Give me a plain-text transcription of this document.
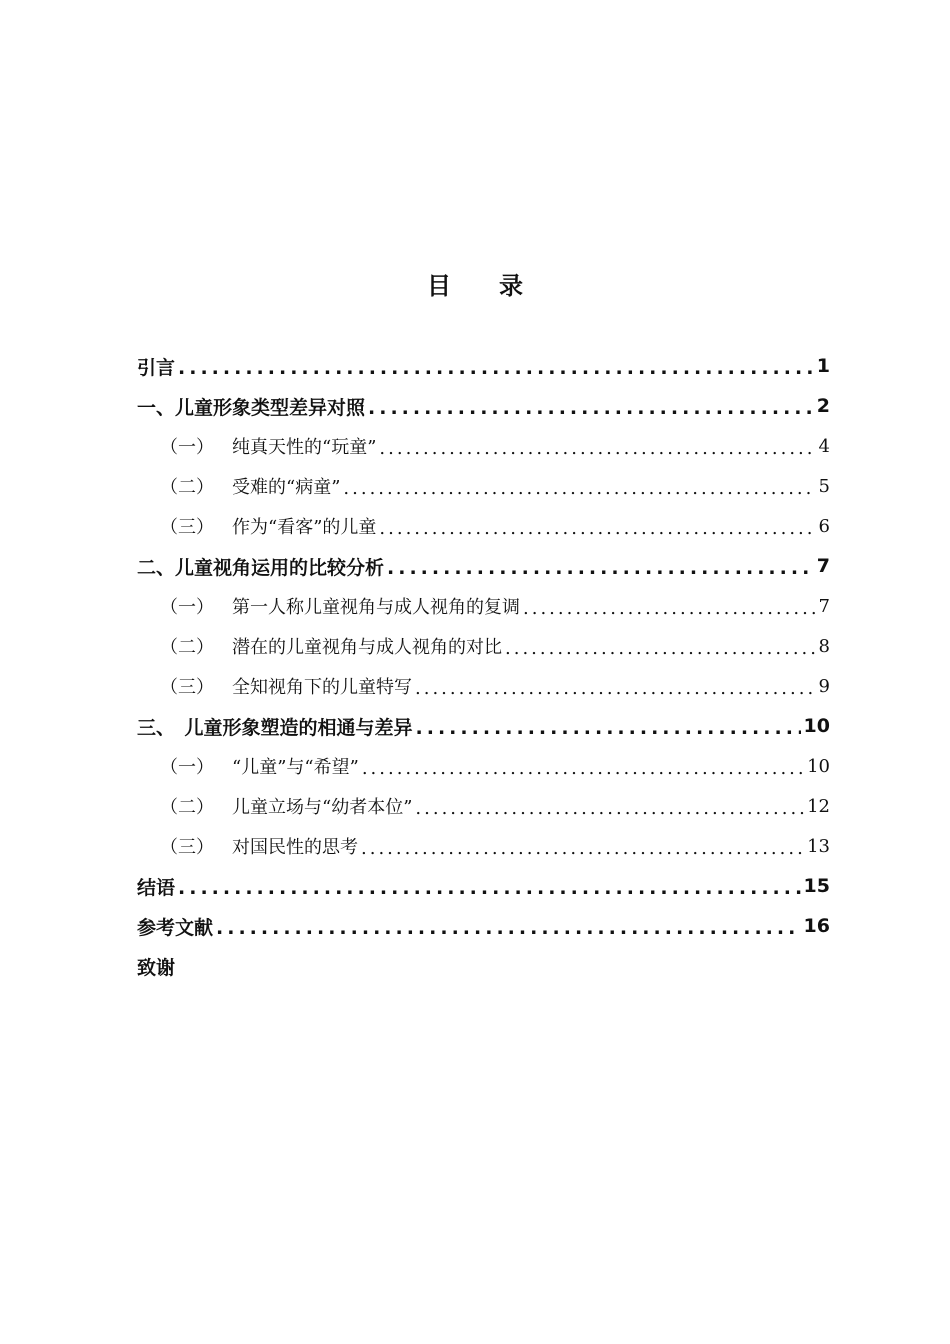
目　　录
引言 .....	1
一、儿童形象类型差异对照 .....	2
（一）	纯真天性的“玩童” .....	4
（二）	受难的“病童” .....	5
（三）	作为“看客”的儿童 .....	6
二、儿童视角运用的比较分析 .....	7
（一）	第一人称儿童视角与成人视角的复调 .....	7
（二）	潜在的儿童视角与成人视角的对比 .....	8
（三）	全知视角下的儿童特写 .....	9
三、　儿童形象塑造的相通与差异 .....	10
（一）	“儿童”与“希望” .....	10
（二）	儿童立场与“幼者本位” .....	12
（三）	对国民性的思考 .....	13
结语 .....	15
参考文献 .....	16
致谢
